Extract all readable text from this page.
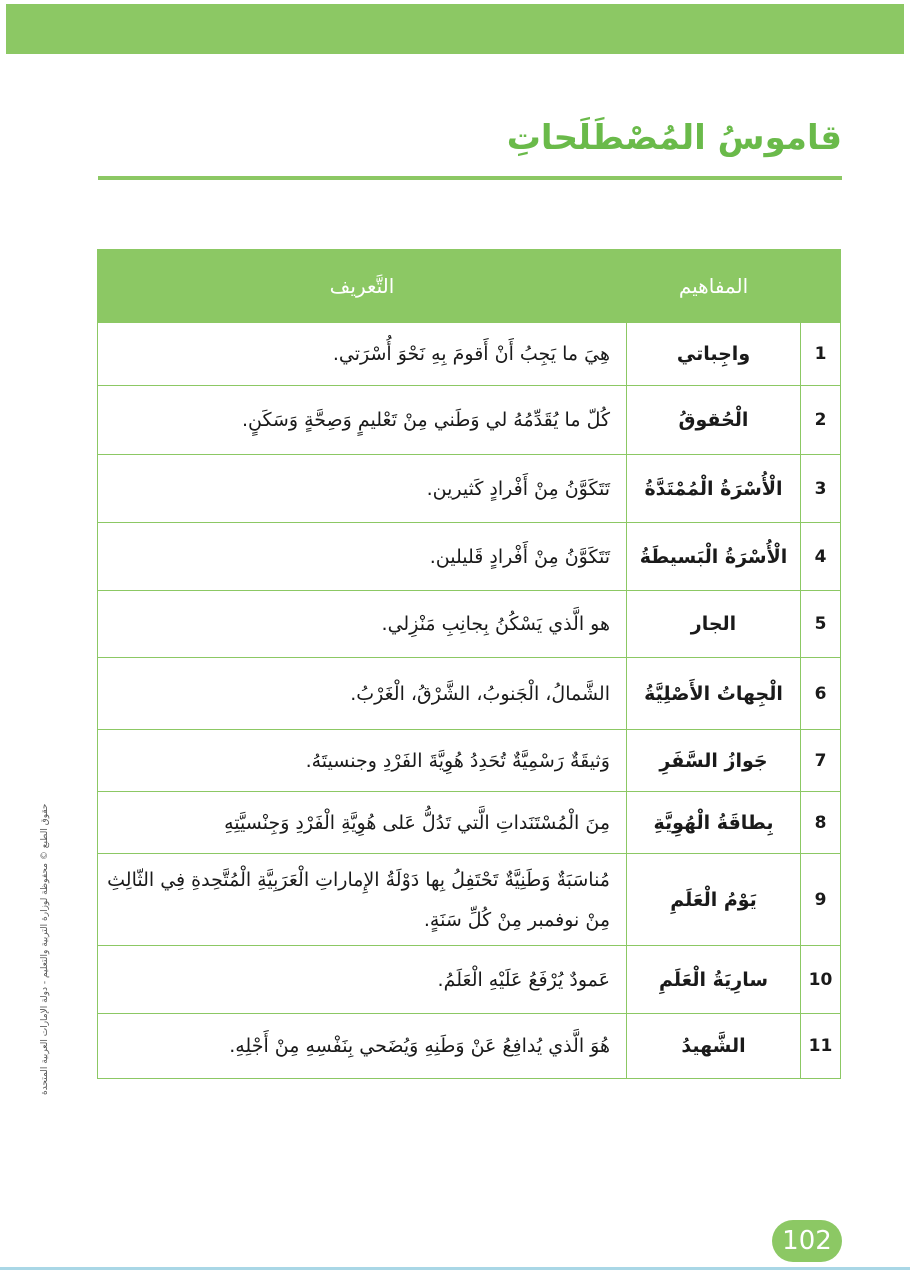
قاموسُ المُصْطَلَحاتِ
	المفاهيم	التَّعريف
1	واجِباتي	هِيَ ما يَجِبُ أَنْ أَقومَ بِهِ نَحْوَ أُسْرَتي.
2	الْحُقوقُ	كُلّ ما يُقَدِّمُهُ لي وَطَني مِنْ تَعْليمٍ وَصِحَّةٍ وَسَكَنٍ.
3	الْأُسْرَةُ الْمُمْتَدَّةُ	تَتَكَوَّنُ مِنْ أَفْرادٍ كَثيرين.
4	الْأُسْرَةُ الْبَسيطَةُ	تَتَكَوَّنُ مِنْ أَفْرادٍ قَليلين.
5	الجار	هو الَّذي يَسْكُنُ بِجانِبِ مَنْزِلي.
6	الْجِهاتُ الأَصْلِيَّةُ	الشَّمالُ، الْجَنوبُ، الشَّرْقُ، الْغَرْبُ.
7	جَوازُ السَّفَرِ	وَثيقَةٌ رَسْمِيَّةٌ تُحَدِدُ هُوِيَّةَ الفَرْدِ وجنسيتَهُ.
8	بِطاقَةُ الْهُوِيَّةِ	مِنَ الْمُسْتَنَداتِ الَّتي تَدُلُّ عَلى هُوِيَّةِ الْفَرْدِ وَجِنْسيَّتِهِ
9	يَوْمُ الْعَلَمِ	مُناسَبَةٌ وَطَنِيَّةٌ تَحْتَفِلُ بِها دَوْلَةُ الإِماراتِ الْعَرَبِيَّةِ الْمُتَّحِدةِ فِي الثّالِثِ مِنْ نوفمبر مِنْ كُلِّ سَنَةٍ.
10	سارِيَةُ الْعَلَمِ	عَمودٌ يُرْفَعُ عَلَيْهِ الْعَلَمُ.
11	الشَّهيدُ	هُوَ الَّذي يُدافِعُ عَنْ وَطَنِهِ وَيُضَحي بِنَفْسِهِ مِنْ أَجْلِهِ.
حقوق الطبع © محفوظة لوزارة التربية والتعليم - دولة الإمارات العربية المتحدة
102
